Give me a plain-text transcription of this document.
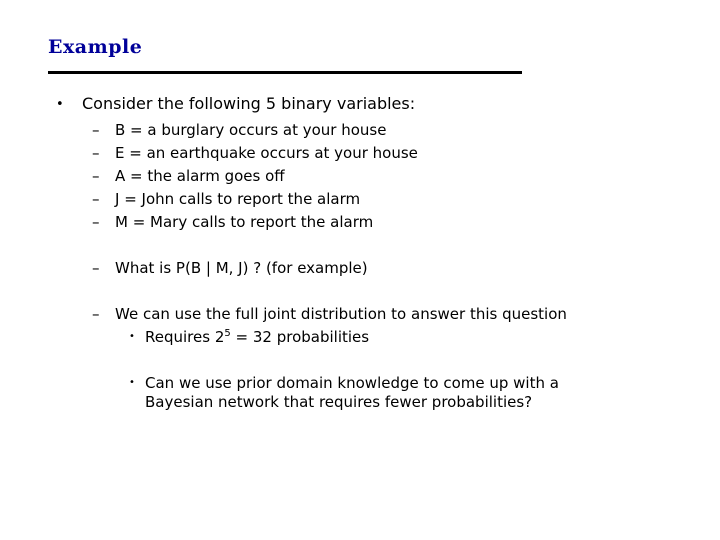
Example
• Consider the following 5 binary variables:
– B = a burglary occurs at your house
– E = an earthquake occurs at your house
– A = the alarm goes off
– J = John calls to report the alarm
– M = Mary calls to report the alarm
– What is P(B | M, J) ? (for example)
– We can use the full joint distribution to answer this question
• Requires $2^5 = 32$ probabilities
• Can we use prior domain knowledge to come up with a
Bayesian network that requires fewer probabilities?
